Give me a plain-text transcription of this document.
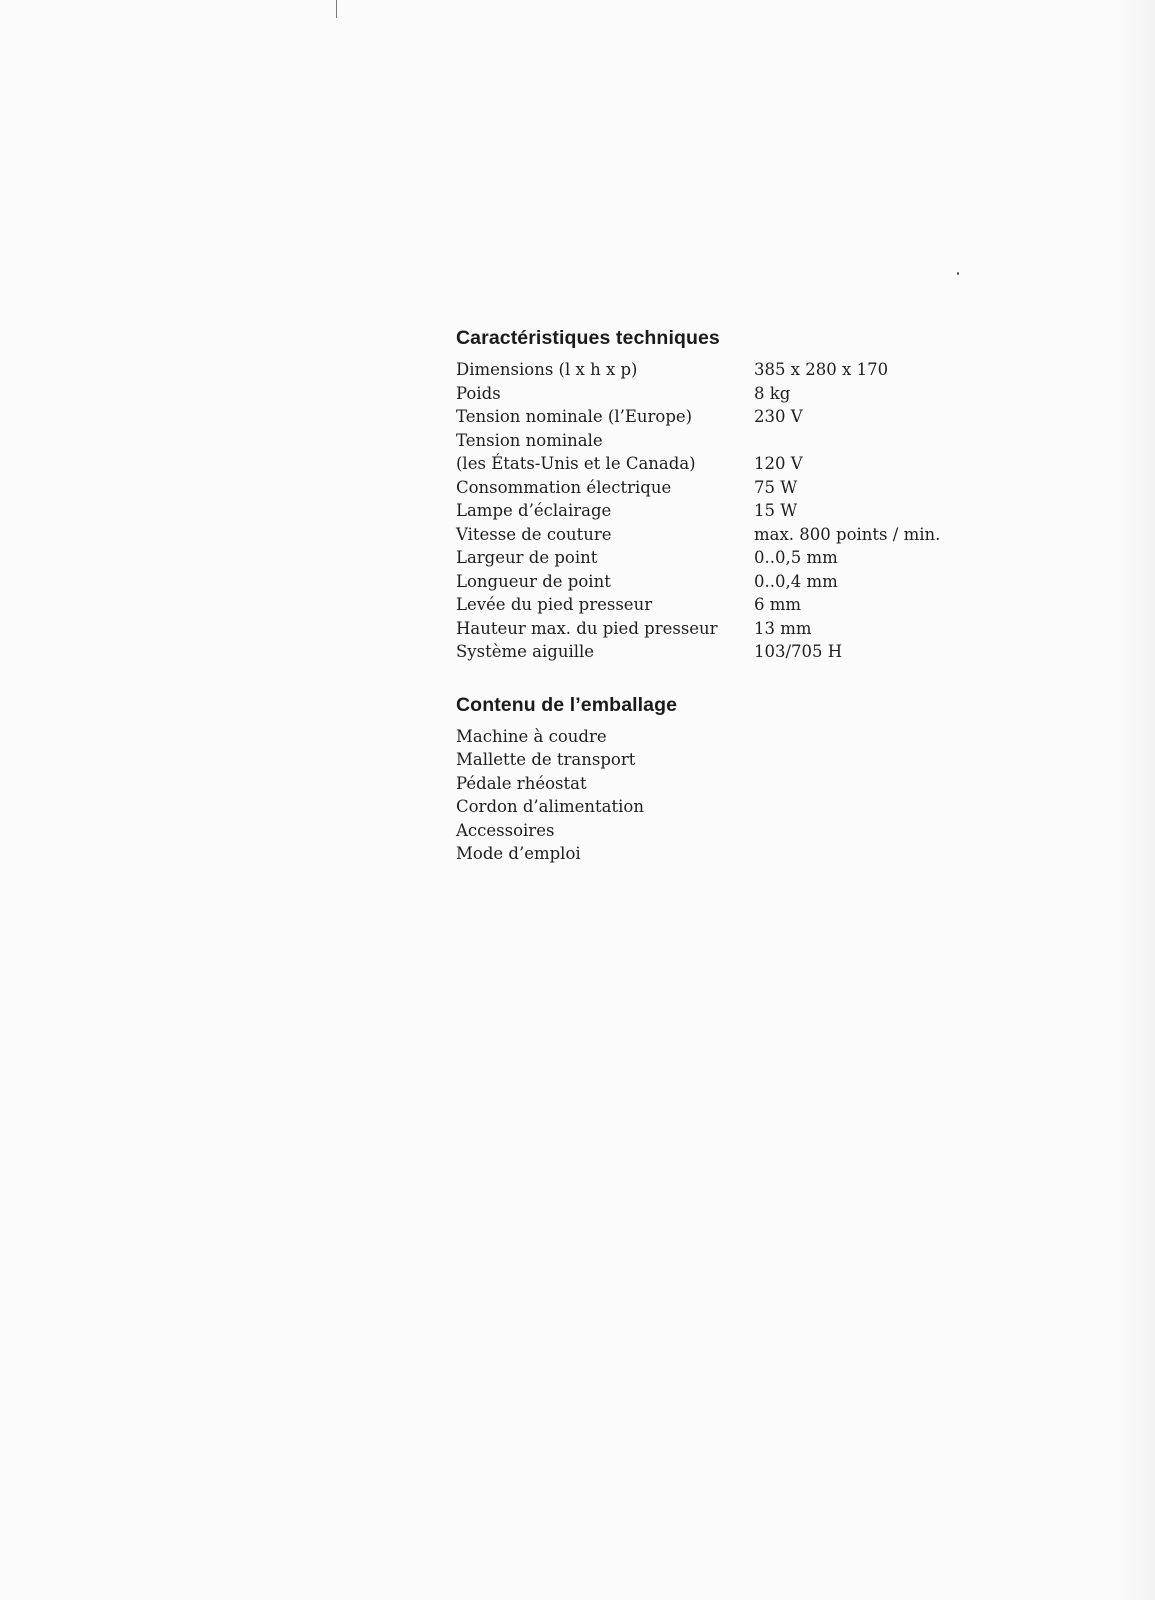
Caractéristiques techniques
Dimensions (l x h x p)	385 x 280 x 170
Poids	8 kg
Tension nominale (l’Europe)	230 V

Tension nominale
(les États-Unis et le Canada)	120 V
Consommation électrique	75 W
Lampe d’éclairage	15 W
Vitesse de couture	max. 800 points / min.
Largeur de point	0..0,5 mm
Longueur de point	0..0,4 mm
Levée du pied presseur	6 mm
Hauteur max. du pied presseur	13 mm
Système aiguille	103/705 H
Contenu de l’emballage
Machine à coudre
Mallette de transport
Pédale rhéostat
Cordon d’alimentation
Accessoires
Mode d’emploi
